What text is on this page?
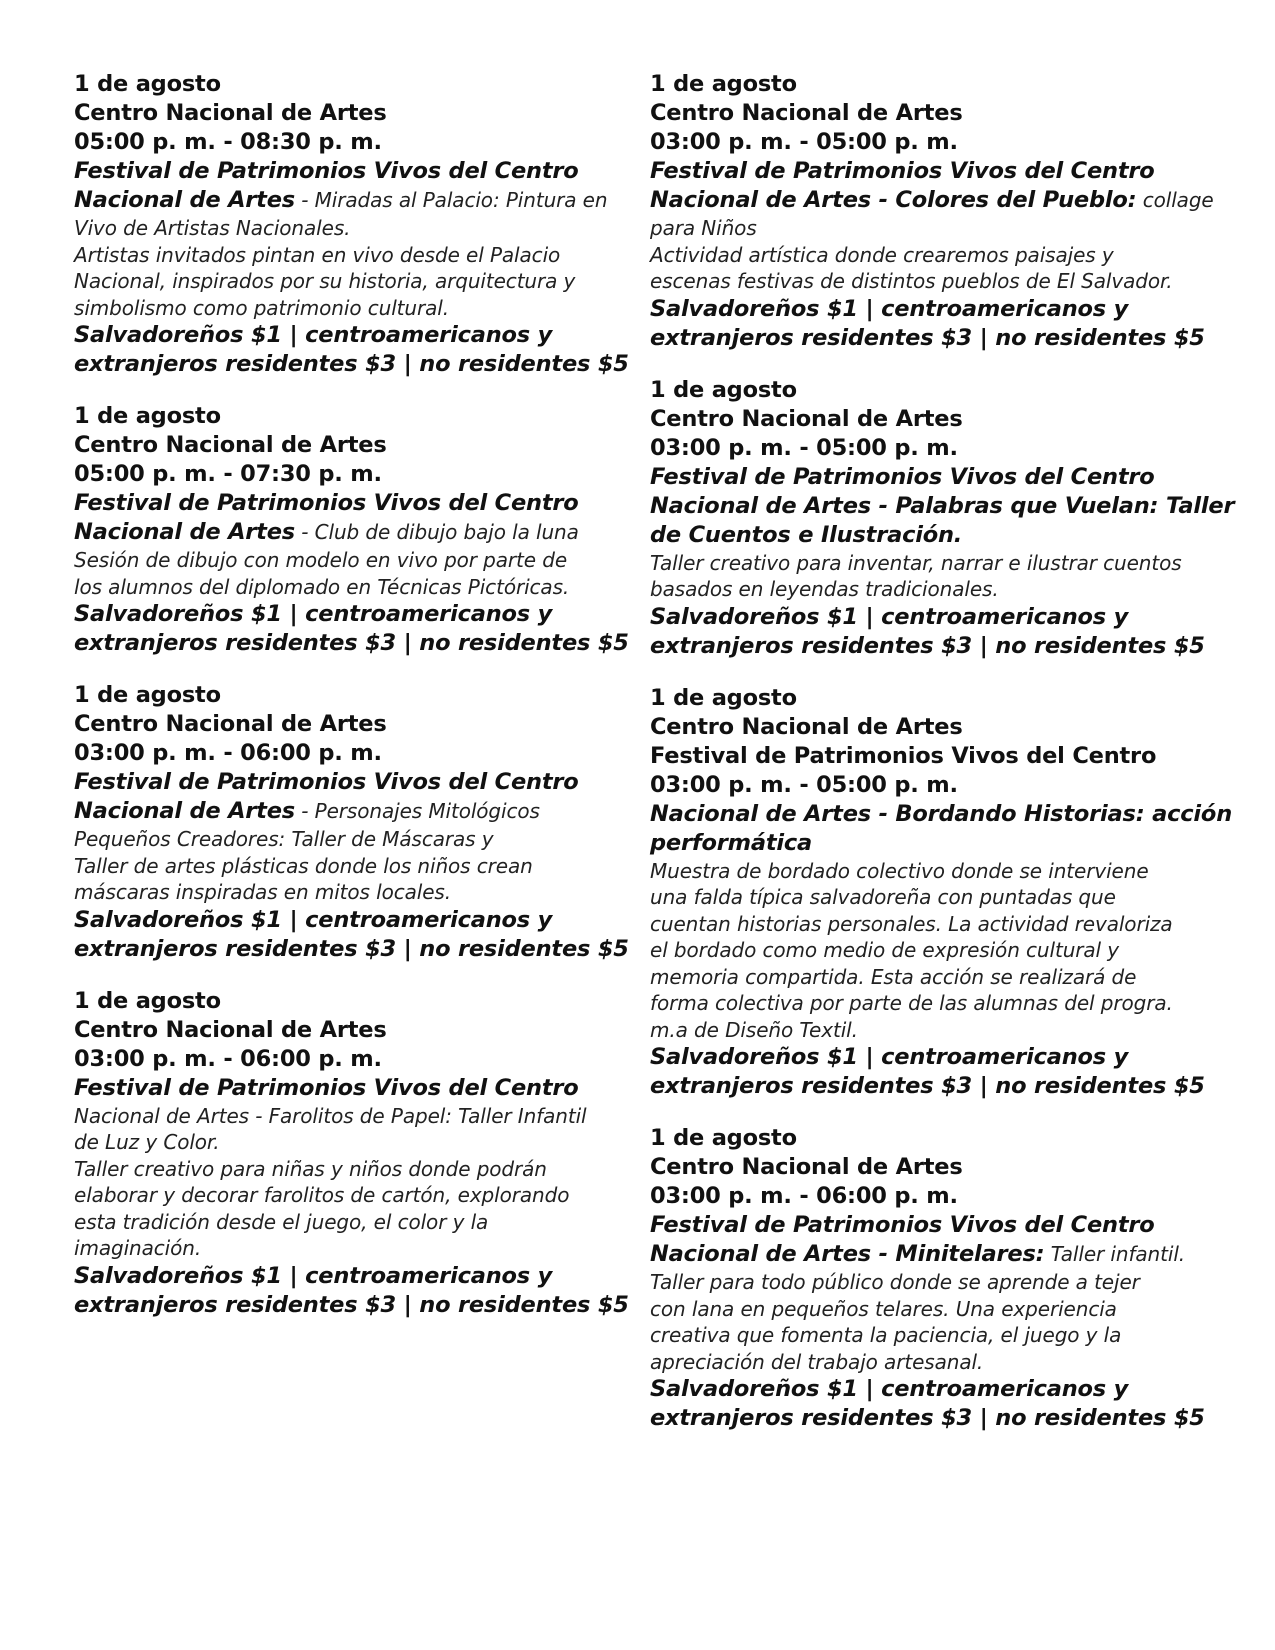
1 de agosto
Centro Nacional de Artes
05:00 p. m. - 08:30 p. m.
Festival de Patrimonios Vivos del Centro
Nacional de Artes - Miradas al Palacio: Pintura en
Vivo de Artistas Nacionales.
Artistas invitados pintan en vivo desde el Palacio
Nacional, inspirados por su historia, arquitectura y
simbolismo como patrimonio cultural.
Salvadoreños $1 | centroamericanos y
extranjeros residentes $3 | no residentes $5
1 de agosto
Centro Nacional de Artes
05:00 p. m. - 07:30 p. m.
Festival de Patrimonios Vivos del Centro
Nacional de Artes - Club de dibujo bajo la luna
Sesión de dibujo con modelo en vivo por parte de
los alumnos del diplomado en Técnicas Pictóricas.
Salvadoreños $1 | centroamericanos y
extranjeros residentes $3 | no residentes $5
1 de agosto
Centro Nacional de Artes
03:00 p. m. - 06:00 p. m.
Festival de Patrimonios Vivos del Centro
Nacional de Artes - Personajes Mitológicos
Pequeños Creadores: Taller de Máscaras y
Taller de artes plásticas donde los niños crean
máscaras inspiradas en mitos locales.
Salvadoreños $1 | centroamericanos y
extranjeros residentes $3 | no residentes $5
1 de agosto
Centro Nacional de Artes
03:00 p. m. - 06:00 p. m.
Festival de Patrimonios Vivos del Centro
Nacional de Artes - Farolitos de Papel: Taller Infantil
de Luz y Color.
Taller creativo para niñas y niños donde podrán
elaborar y decorar farolitos de cartón, explorando
esta tradición desde el juego, el color y la
imaginación.
Salvadoreños $1 | centroamericanos y
extranjeros residentes $3 | no residentes $5
1 de agosto
Centro Nacional de Artes
03:00 p. m. - 05:00 p. m.
Festival de Patrimonios Vivos del Centro
Nacional de Artes - Colores del Pueblo: collage
para Niños
Actividad artística donde crearemos paisajes y
escenas festivas de distintos pueblos de El Salvador.
Salvadoreños $1 | centroamericanos y
extranjeros residentes $3 | no residentes $5
1 de agosto
Centro Nacional de Artes
03:00 p. m. - 05:00 p. m.
Festival de Patrimonios Vivos del Centro
Nacional de Artes - Palabras que Vuelan: Taller
de Cuentos e Ilustración.
Taller creativo para inventar, narrar e ilustrar cuentos
basados en leyendas tradicionales.
Salvadoreños $1 | centroamericanos y
extranjeros residentes $3 | no residentes $5
1 de agosto
Centro Nacional de Artes
Festival de Patrimonios Vivos del Centro
03:00 p. m. - 05:00 p. m.
Nacional de Artes - Bordando Historias: acción
performática
Muestra de bordado colectivo donde se interviene
una falda típica salvadoreña con puntadas que
cuentan historias personales. La actividad revaloriza
el bordado como medio de expresión cultural y
memoria compartida. Esta acción se realizará de
forma colectiva por parte de las alumnas del progra.
m.a de Diseño Textil.
Salvadoreños $1 | centroamericanos y
extranjeros residentes $3 | no residentes $5
1 de agosto
Centro Nacional de Artes
03:00 p. m. - 06:00 p. m.
Festival de Patrimonios Vivos del Centro
Nacional de Artes - Minitelares: Taller infantil.
Taller para todo público donde se aprende a tejer
con lana en pequeños telares. Una experiencia
creativa que fomenta la paciencia, el juego y la
apreciación del trabajo artesanal.
Salvadoreños $1 | centroamericanos y
extranjeros residentes $3 | no residentes $5
